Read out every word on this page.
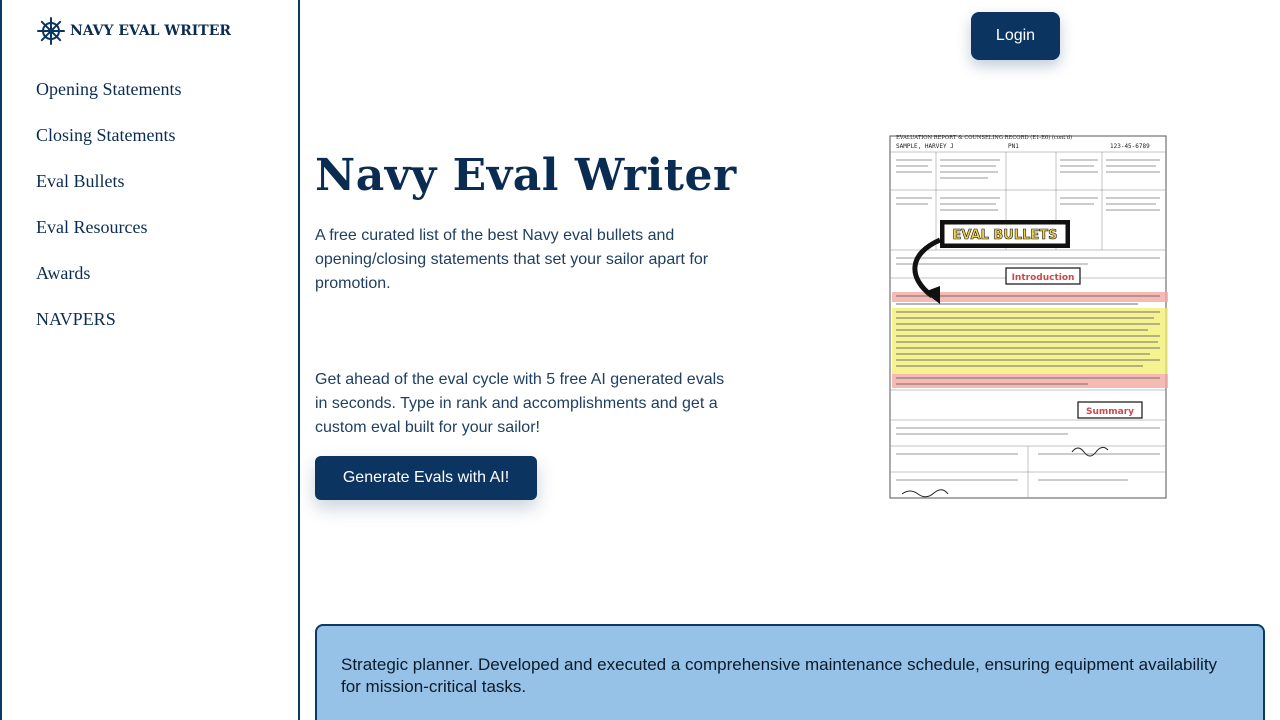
NAVY EVAL WRITER
Opening Statements
Closing Statements
Eval Bullets
Eval Resources
Awards
NAVPERS
Login
Navy Eval Writer

A free curated list of the best Navy eval bullets and opening/closing statements that set your sailor apart for promotion.

Get ahead of the eval cycle with 5 free AI generated evals in seconds. Type in rank and accomplishments and get a custom eval built for your sailor!

Generate Evals with AI!
EVALUATION REPORT & COUNSELING RECORD (E1-E6) (cont'd)
SAMPLE, HARVEY J	PN1	123-45-6789
EVAL BULLETS
Introduction
Summary

Strategic planner. Developed and executed a comprehensive maintenance schedule, ensuring equipment availability for mission-critical tasks.
